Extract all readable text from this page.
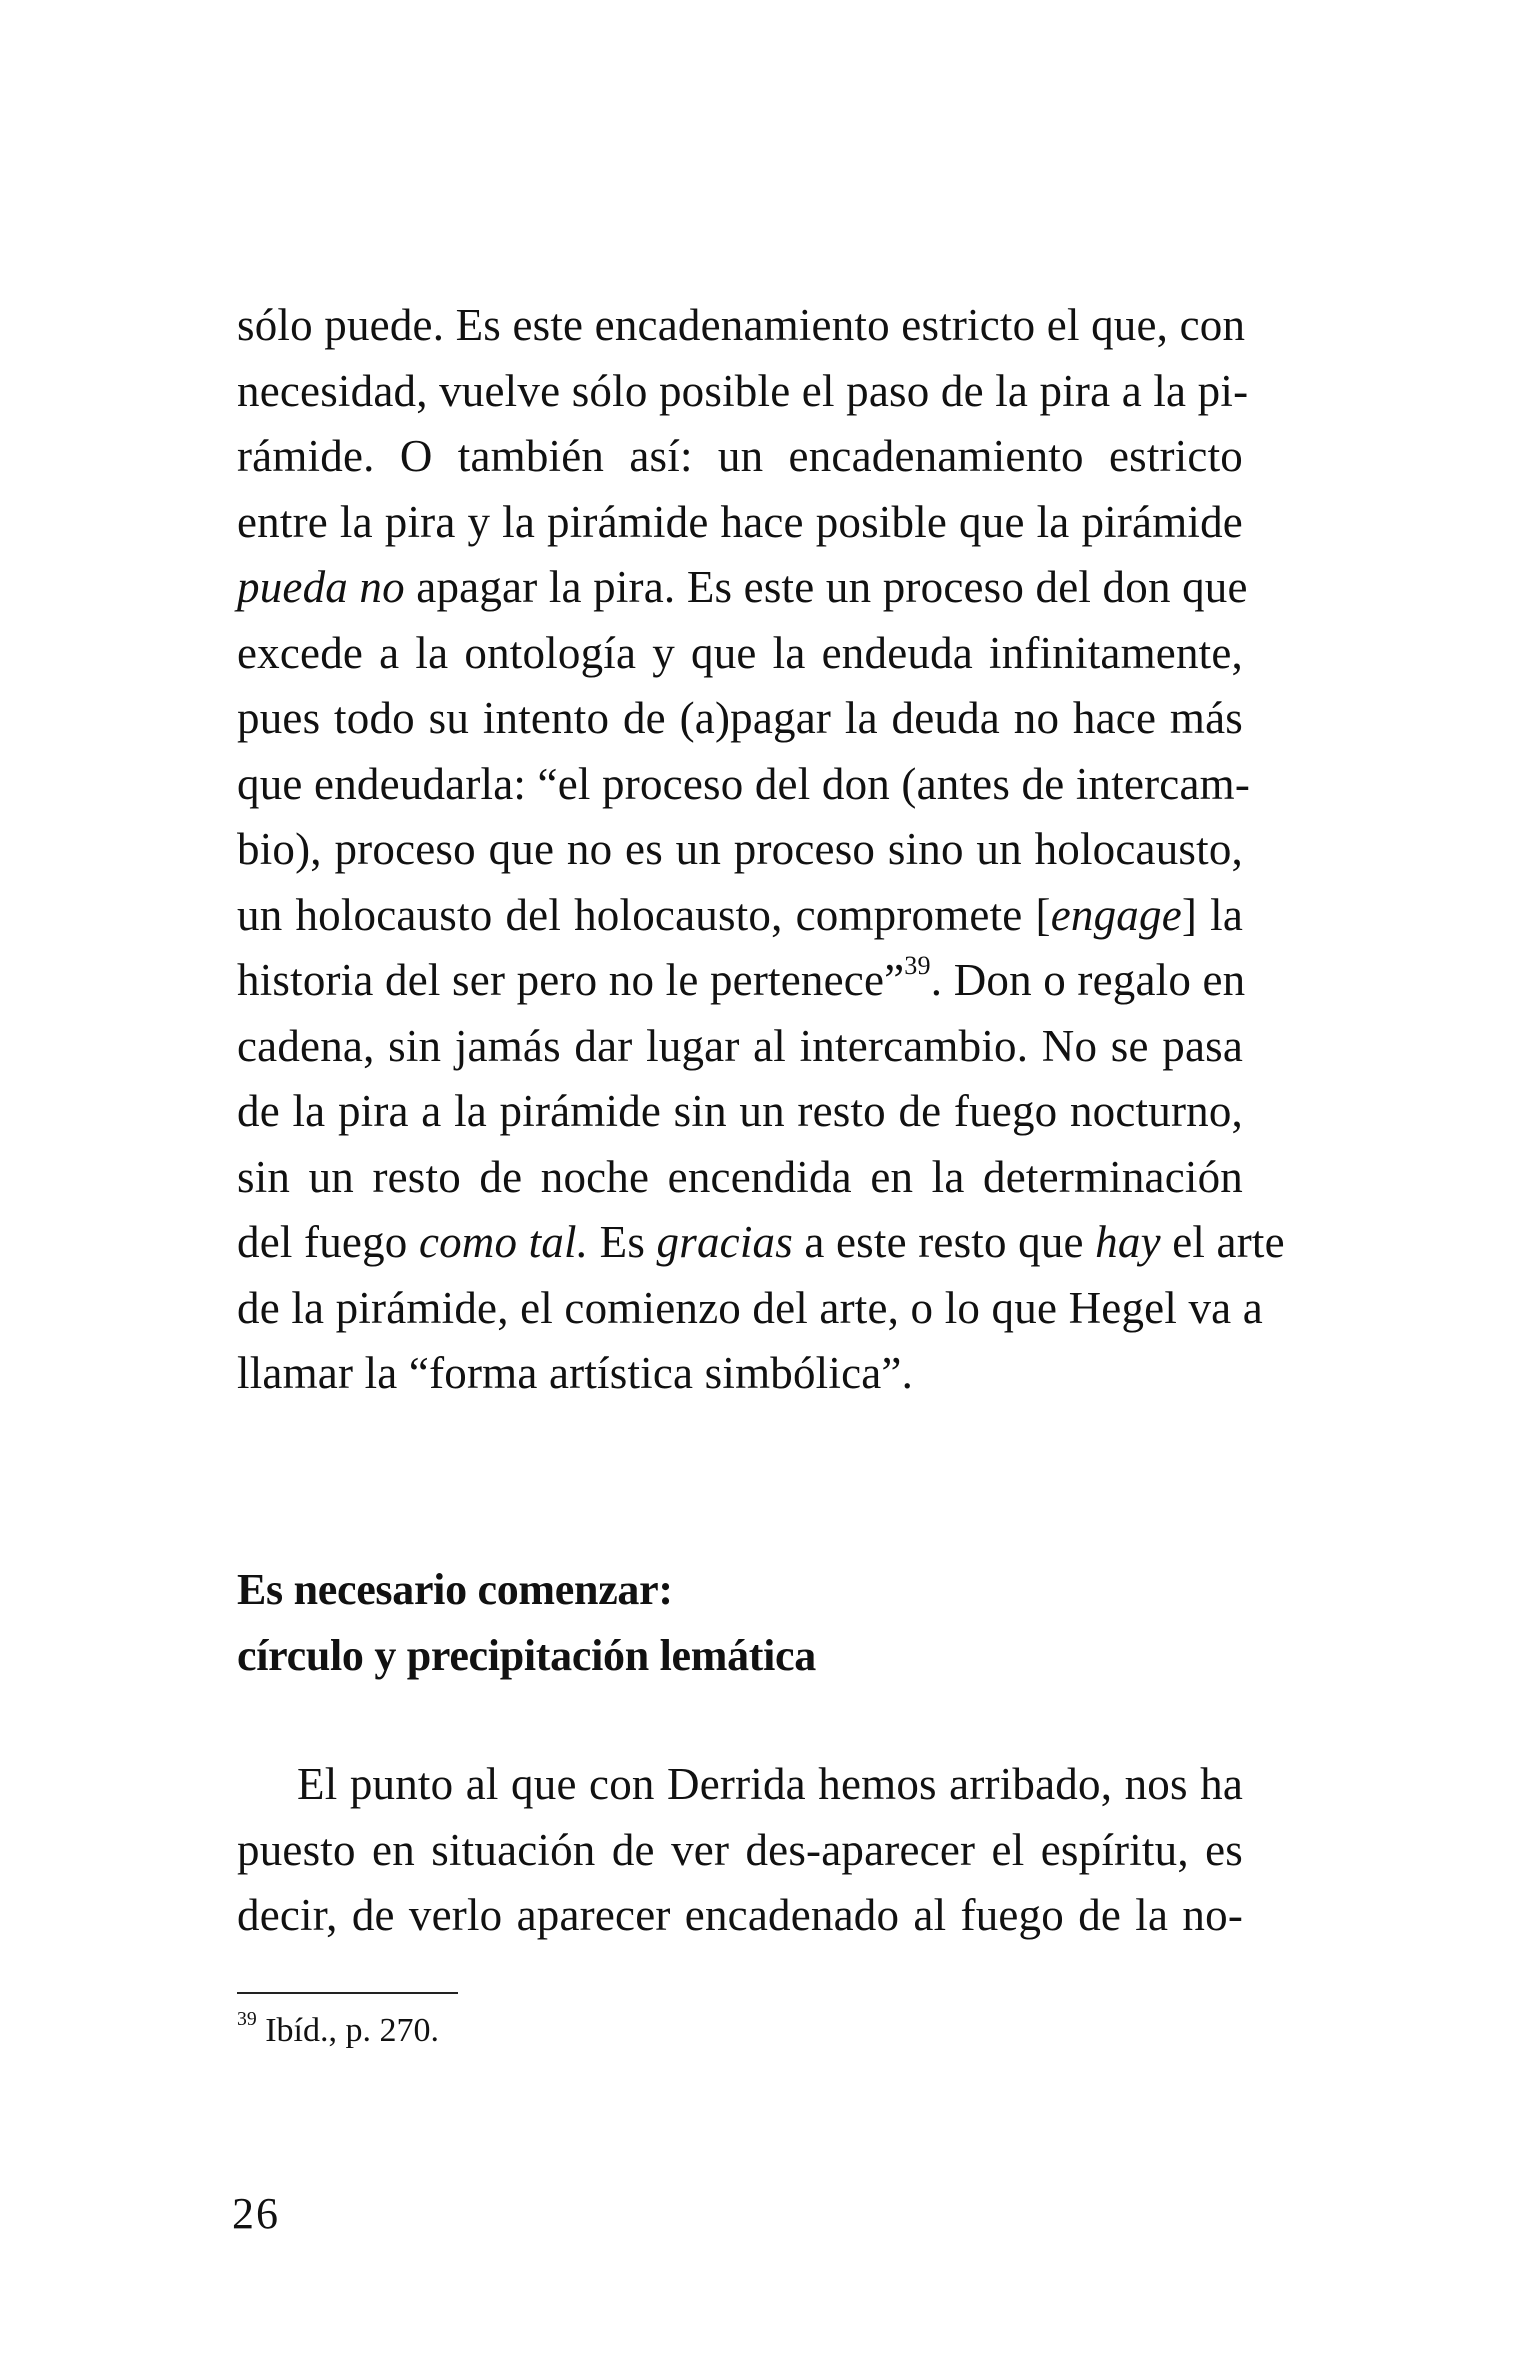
sólo puede. Es este encadenamiento estricto el que, con
necesidad, vuelve sólo posible el paso de la pira a la pi-
rámide. O también así: un encadenamiento estricto
entre la pira y la pirámide hace posible que la pirámide
pueda no apagar la pira. Es este un proceso del don que
excede a la ontología y que la endeuda infinitamente,
pues todo su intento de (a)pagar la deuda no hace más
que endeudarla: “el proceso del don (antes de intercam-
bio), proceso que no es un proceso sino un holocausto,
un holocausto del holocausto, compromete [engage] la
historia del ser pero no le pertenece”$^{39}$. Don o regalo en
cadena, sin jamás dar lugar al intercambio. No se pasa
de la pira a la pirámide sin un resto de fuego nocturno,
sin un resto de noche encendida en la determinación
del fuego como tal. Es gracias a este resto que hay el arte
de la pirámide, el comienzo del arte, o lo que Hegel va a
llamar la “forma artística simbólica”.
Es necesario comenzar:
círculo y precipitación lemática
El punto al que con Derrida hemos arribado, nos ha
puesto en situación de ver des-aparecer el espíritu, es
decir, de verlo aparecer encadenado al fuego de la no-
$^{39}$ Ibíd., p. 270.
26
